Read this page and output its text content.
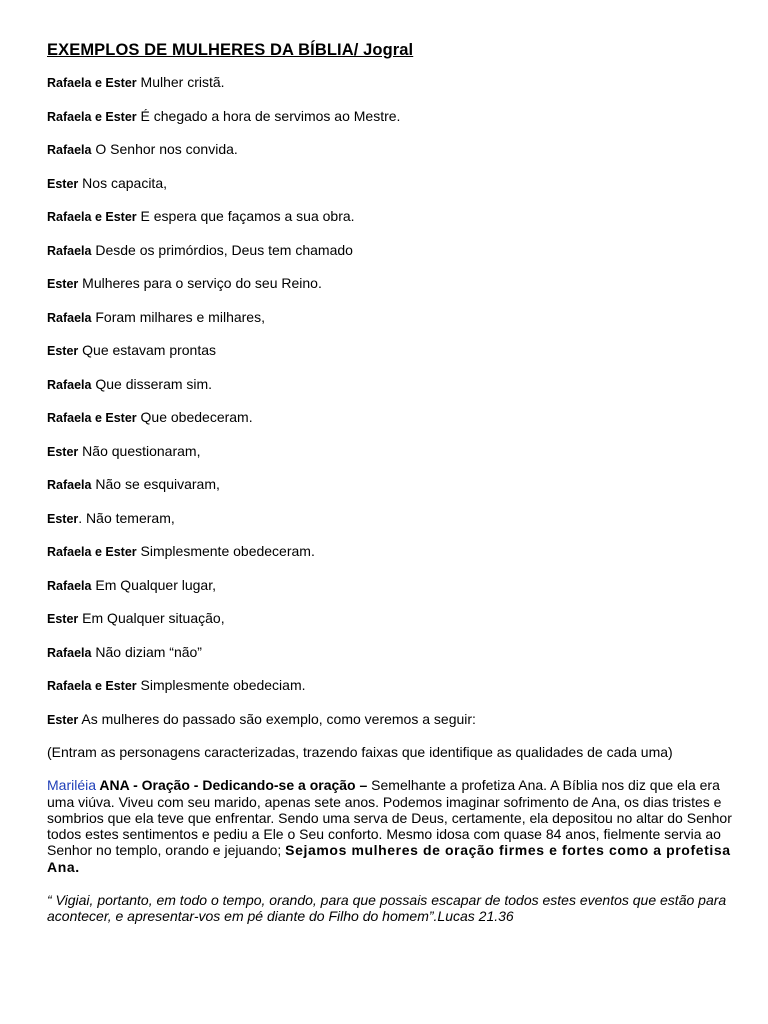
EXEMPLOS DE MULHERES DA BÍBLIA/ Jogral
Rafaela e Ester Mulher cristã.
Rafaela e Ester É chegado a hora de servimos ao Mestre.
Rafaela O Senhor nos convida.
Ester Nos capacita,
Rafaela e Ester E espera que façamos a sua obra.
Rafaela Desde os primórdios, Deus tem chamado
Ester Mulheres para o serviço do seu Reino.
Rafaela Foram milhares e milhares,
Ester Que estavam prontas
Rafaela Que disseram sim.
Rafaela e Ester Que obedeceram.
Ester Não questionaram,
Rafaela Não se esquivaram,
Ester. Não temeram,
Rafaela e Ester Simplesmente obedeceram.
Rafaela Em Qualquer lugar,
Ester Em Qualquer situação,
Rafaela Não diziam “não”
Rafaela e Ester Simplesmente obedeciam.
Ester As mulheres do passado são exemplo, como veremos a seguir:
(Entram as personagens caracterizadas, trazendo faixas que identifique as qualidades de cada uma)
Mariléia ANA - Oração - Dedicando-se a oração – Semelhante a profetiza Ana. A Bíblia nos diz que ela era uma viúva. Viveu com seu marido, apenas sete anos. Podemos imaginar sofrimento de Ana, os dias tristes e sombrios que ela teve que enfrentar. Sendo uma serva de Deus, certamente, ela depositou no altar do Senhor todos estes sentimentos e pediu a Ele o Seu conforto. Mesmo idosa com quase 84 anos, fielmente servia ao Senhor no templo, orando e jejuando; Sejamos mulheres de oração firmes e fortes como a profetisa Ana.
“ Vigiai, portanto, em todo o tempo, orando, para que possais escapar de todos estes eventos que estão para acontecer, e apresentar-vos em pé diante do Filho do homem”.Lucas 21.36
